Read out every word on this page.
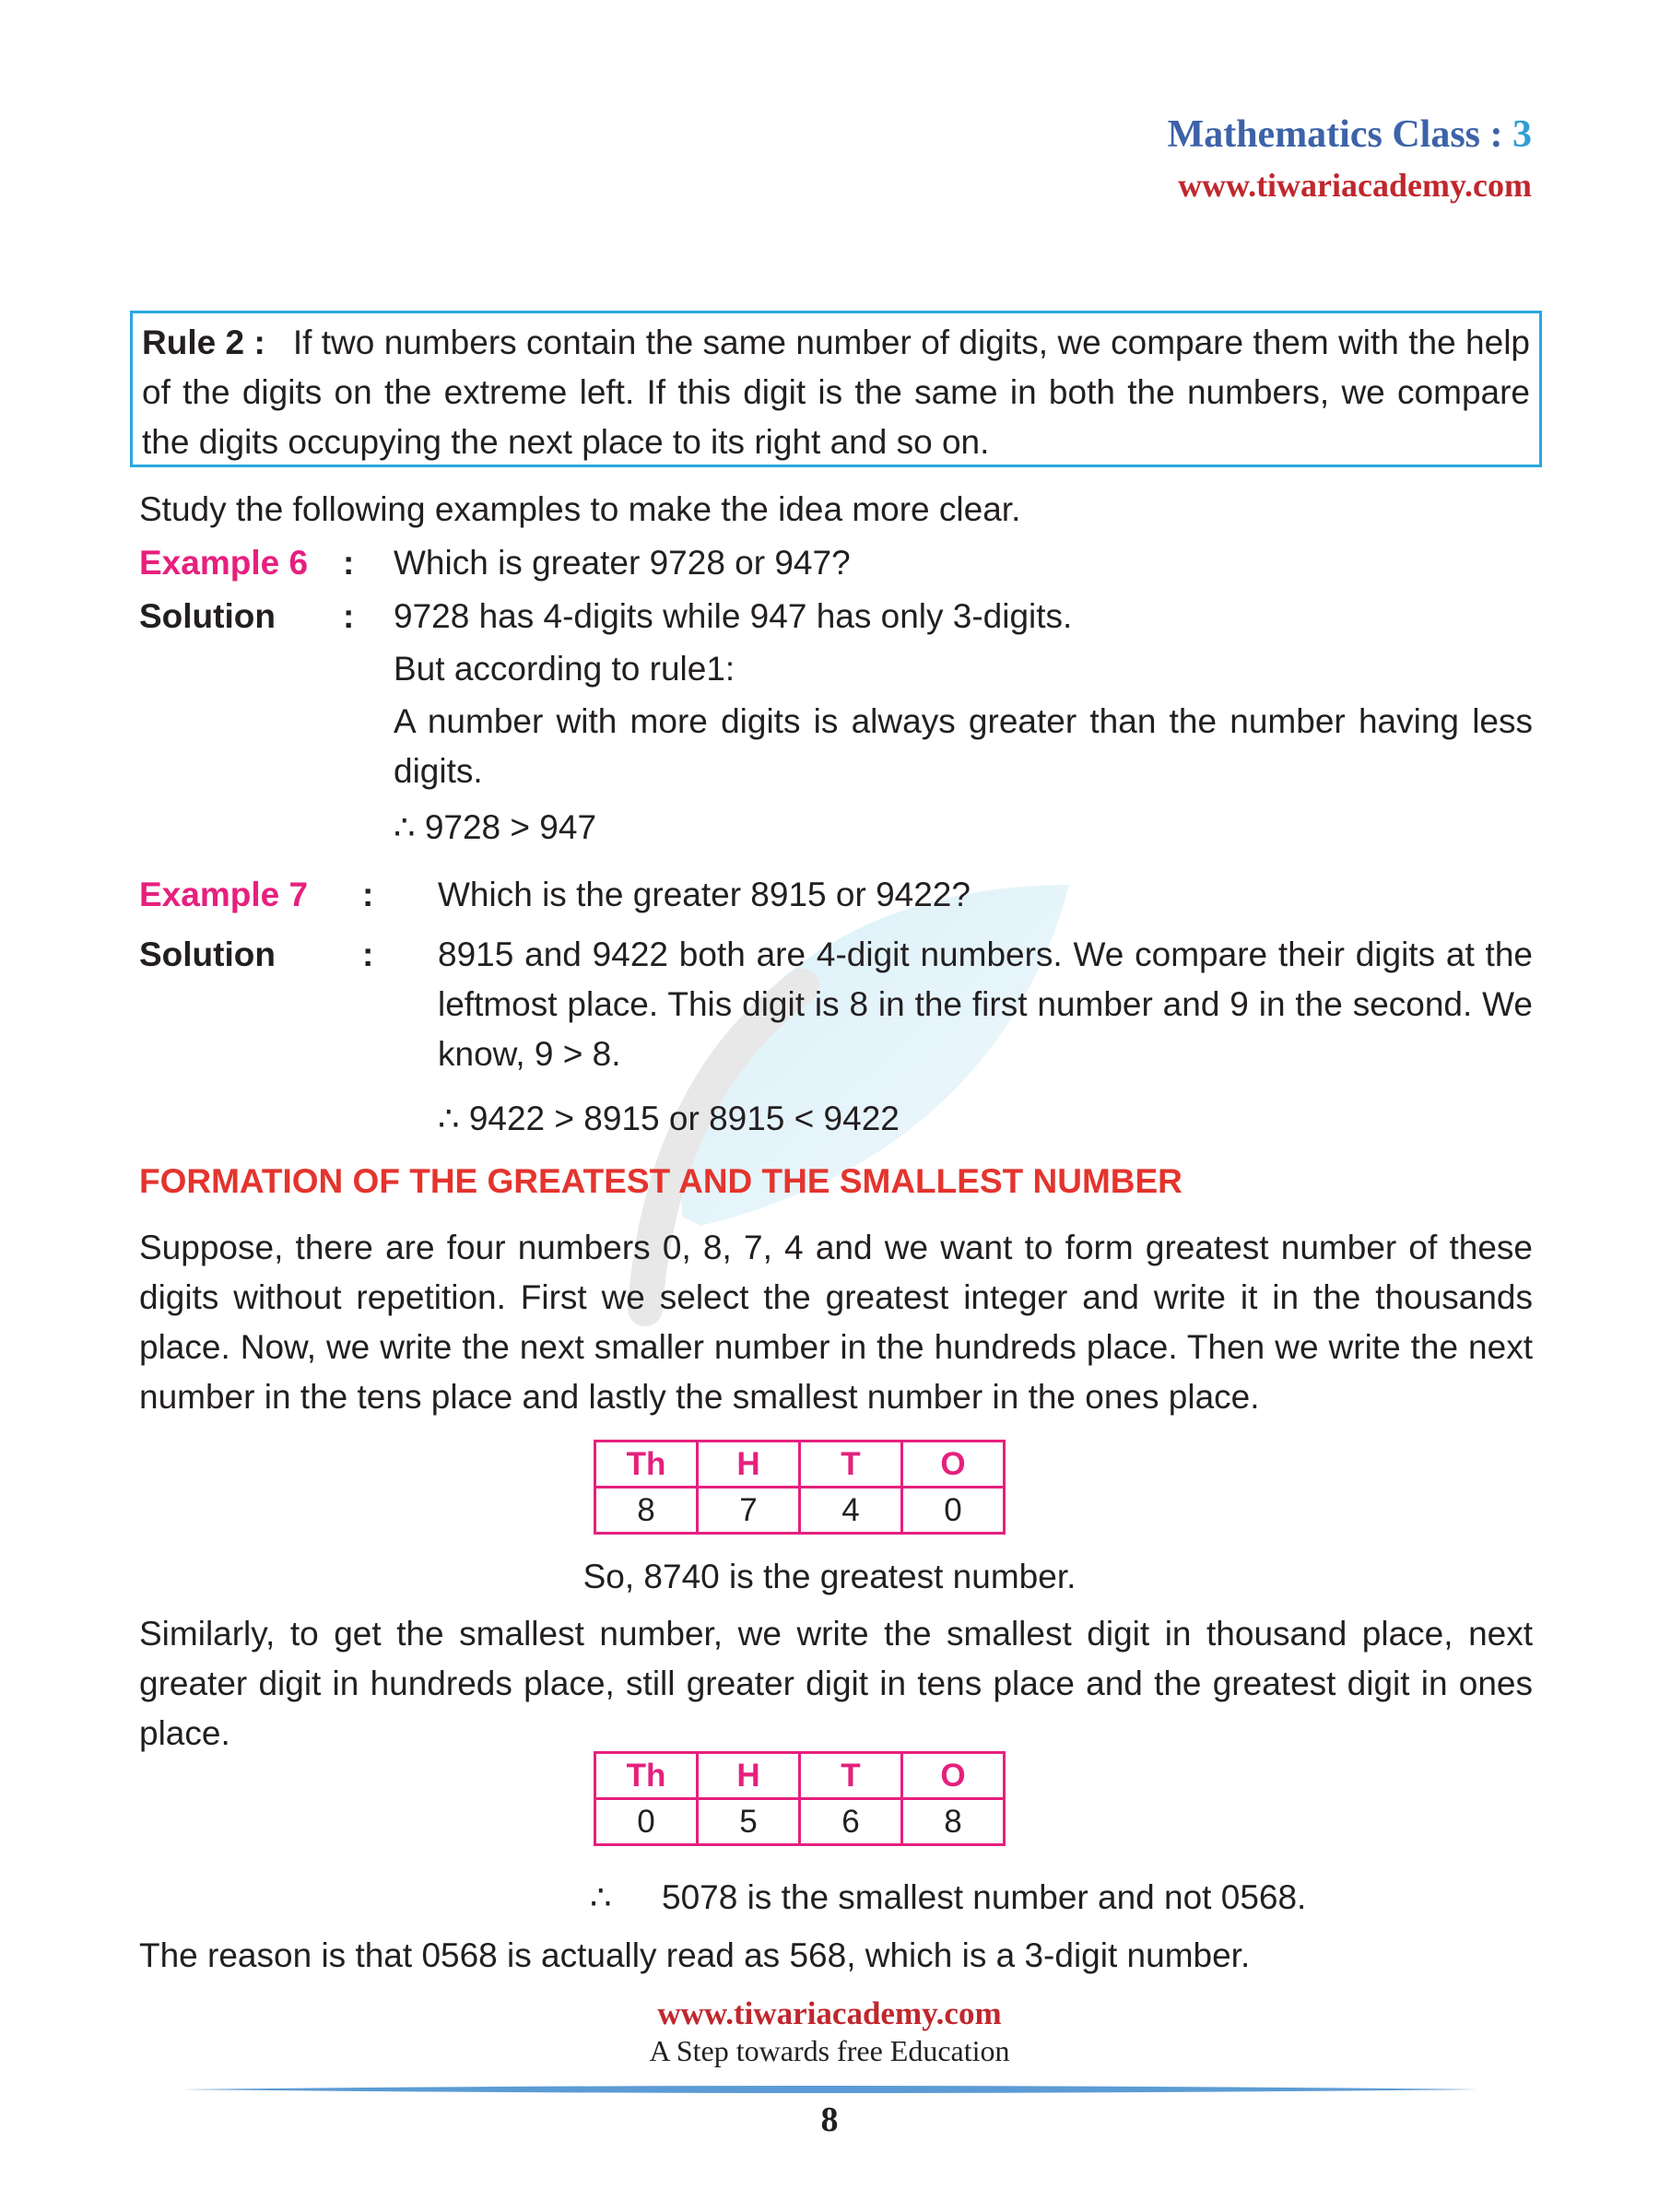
Mathematics Class : 3
www.tiwariacademy.com
Rule 2 : If two numbers contain the same number of digits, we compare them with the help of the digits on the extreme left. If this digit is the same in both the numbers, we compare the digits occupying the next place to its right and so on.
Study the following examples to make the idea more clear.
Example 6 : Which is greater 9728 or 947?
Solution : 9728 has 4-digits while 947 has only 3-digits.
But according to rule1:
A number with more digits is always greater than the number having less digits.
∴ 9728 > 947
Example 7 : Which is the greater 8915 or 9422?
Solution	: 8915 and 9422 both are 4-digit numbers. We compare their digits at the leftmost place. This digit is 8 in the first number and 9 in the second. We know, 9 > 8.
∴ 9422 > 8915 or 8915 < 9422
FORMATION OF THE GREATEST AND THE SMALLEST NUMBER
Suppose, there are four numbers 0, 8, 7, 4 and we want to form greatest number of these digits without repetition. First we select the greatest integer and write it in the thousands place. Now, we write the next smaller number in the hundreds place. Then we write the next number in the tens place and lastly the smallest number in the ones place.
Th	H	T	O
8	7	4	0
So, 8740 is the greatest number.
Similarly, to get the smallest number, we write the smallest digit in thousand place, next greater digit in hundreds place, still greater digit in tens place and the greatest digit in ones place.
Th	H	T	O
0	5	6	8
∴ 5078 is the smallest number and not 0568.
The reason is that 0568 is actually read as 568, which is a 3-digit number.
www.tiwariacademy.com
A Step towards free Education
8
